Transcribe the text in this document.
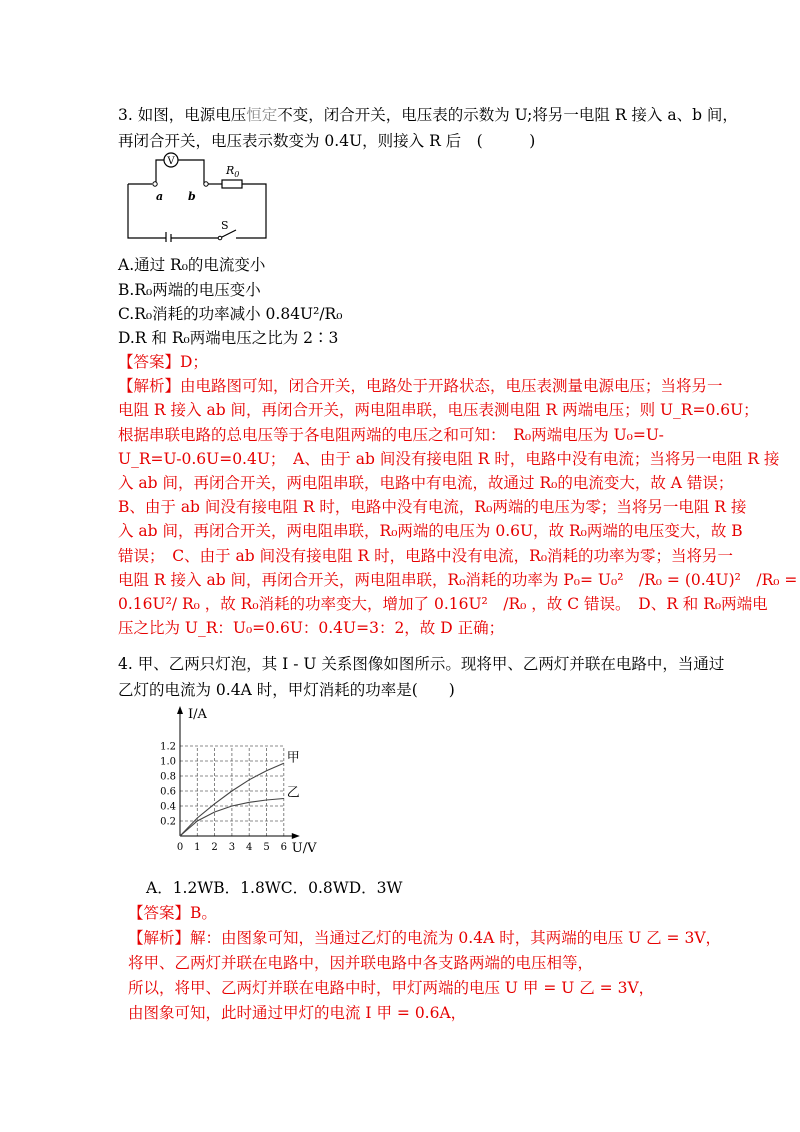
3. 如图，电源电压恒定不变，闭合开关，电压表的示数为 U;将另一电阻 R 接入 a、b 间，
再闭合开关，电压表示数变为 0.4U，则接入 R 后　(　　　)
V
$R_0$
a b
S
A.通过 R₀的电流变小
B.R₀两端的电压变小
C.R₀消耗的功率减小 0.84U²/R₀
D.R 和 R₀两端电压之比为 2∶3
【答案】D；
【解析】由电路图可知，闭合开关，电路处于开路状态，电压表测量电源电压；当将另一
电阻 R 接入 ab 间，再闭合开关，两电阻串联，电压表测电阻 R 两端电压；则 U_R=0.6U；
根据串联电路的总电压等于各电阻两端的电压之和可知：　R₀两端电压为 U₀=U-
U_R=U-0.6U=0.4U；　A、由于 ab 间没有接电阻 R 时，电路中没有电流；当将另一电阻 R 接
入 ab 间，再闭合开关，两电阻串联，电路中有电流，故通过 R₀的电流变大，故 A 错误；
B、由于 ab 间没有接电阻 R 时，电路中没有电流，R₀两端的电压为零；当将另一电阻 R 接
入 ab 间，再闭合开关，两电阻串联，R₀两端的电压为 0.6U，故 R₀两端的电压变大，故 B
错误；　C、由于 ab 间没有接电阻 R 时，电路中没有电流，R₀消耗的功率为零；当将另一
电阻 R 接入 ab 间，再闭合开关，两电阻串联，R₀消耗的功率为 P₀= U₀²　/R₀ = (0.4U)²　/R₀ =
0.16U²/ R₀ ，故 R₀消耗的功率变大，增加了 0.16U²　/R₀ ，故 C 错误。　D、R 和 R₀两端电
压之比为 U_R：U₀=0.6U：0.4U=3：2，故 D 正确；
4. 甲、乙两只灯泡，其 I - U 关系图像如图所示。现将甲、乙两灯并联在电路中，当通过
乙灯的电流为 0.4A 时，甲灯消耗的功率是(　　)
0 1 2 3 4 5 6
0.2
0.4
0.6
0.8
1.0
1.2
I/A
U/V
甲
乙
A．1.2WB．1.8WC．0.8WD．3W
【答案】B。
【解析】解：由图象可知，当通过乙灯的电流为 0.4A 时，其两端的电压 U 乙 = 3V，
将甲、乙两灯并联在电路中，因并联电路中各支路两端的电压相等，
所以，将甲、乙两灯并联在电路中时，甲灯两端的电压 U 甲 = U 乙 = 3V，
由图象可知，此时通过甲灯的电流 I 甲 = 0.6A，
